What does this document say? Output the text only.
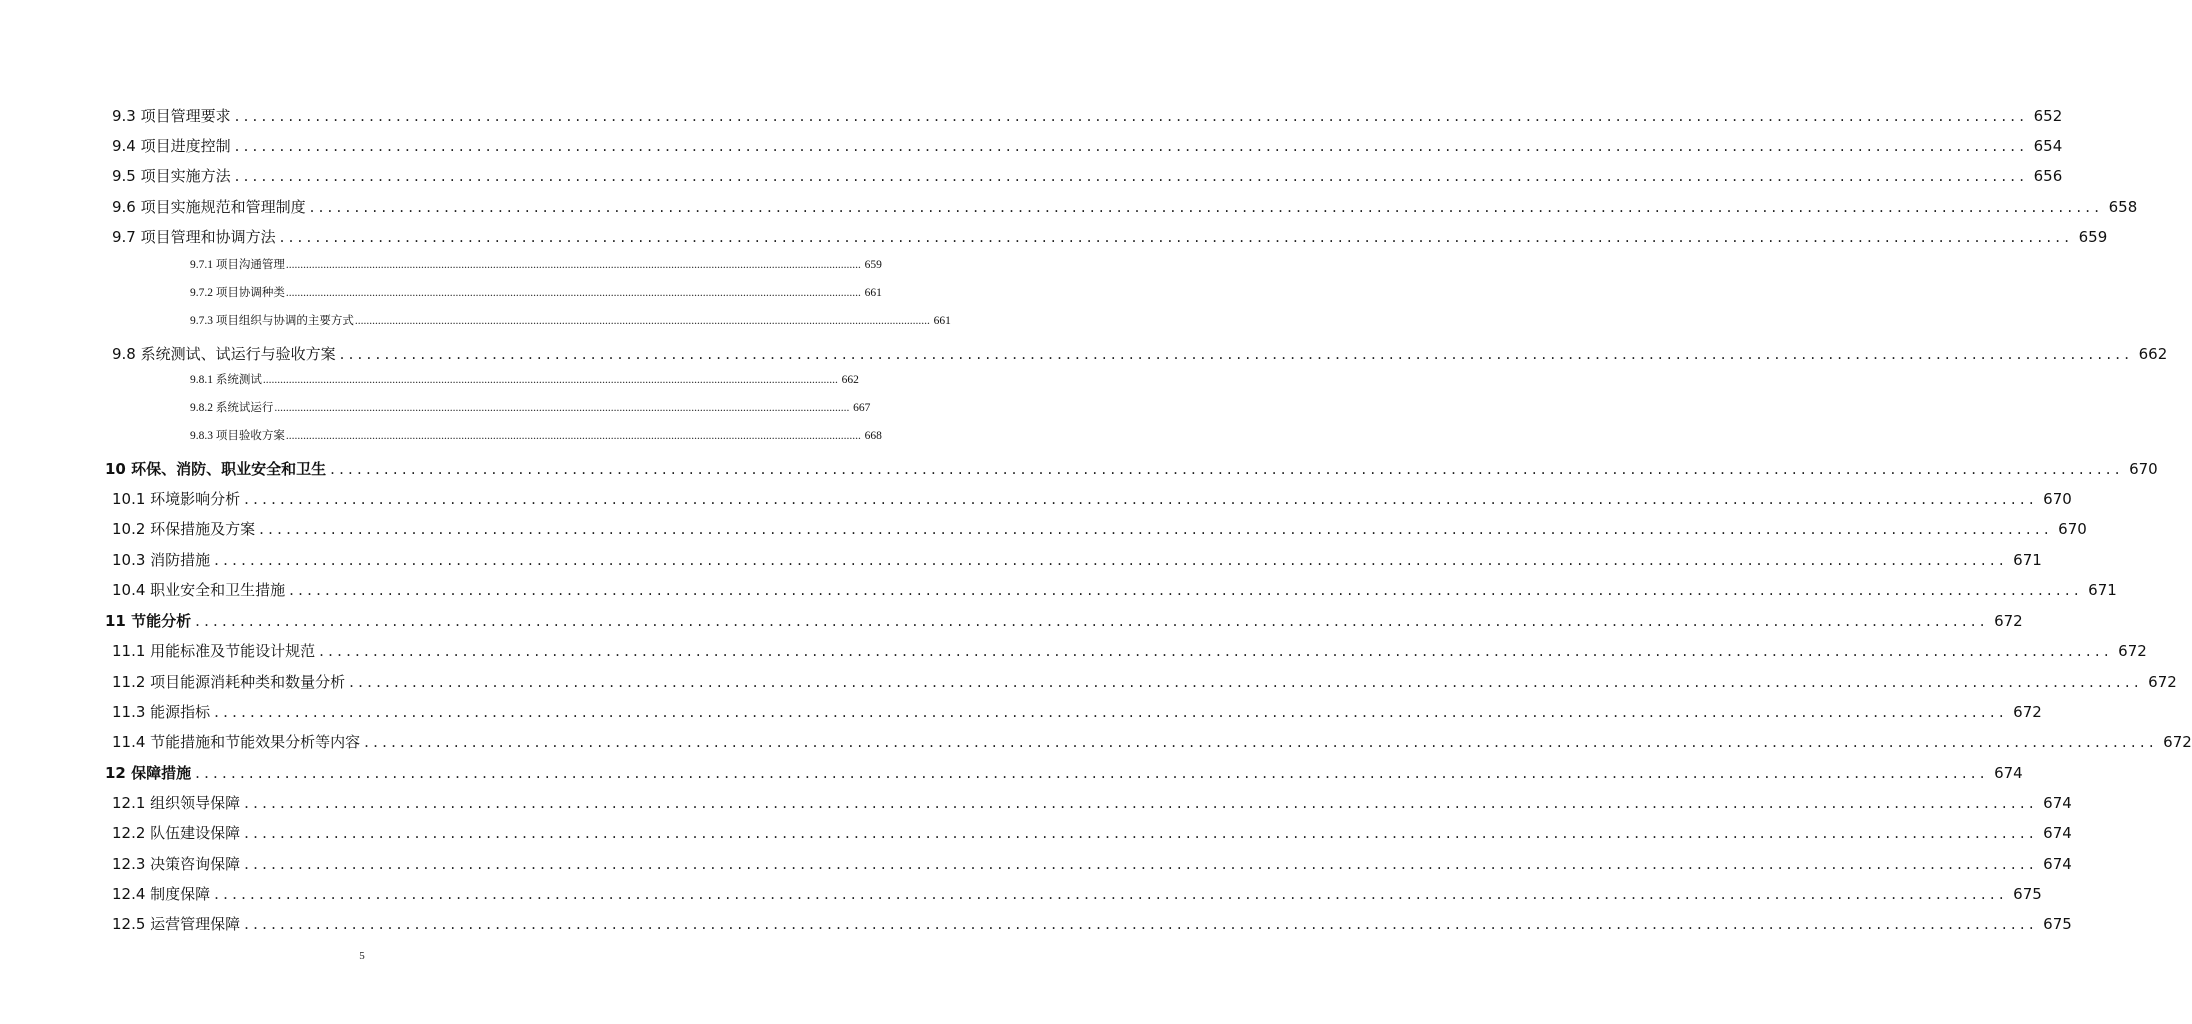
9.3 项目管理要求 ........................................................................................................................................................................................................ 652
9.4 项目进度控制 ........................................................................................................................................................................................................ 654
9.5 项目实施方法 ........................................................................................................................................................................................................ 656
9.6 项目实施规范和管理制度 ........................................................................................................................................................................................................ 658
9.7 项目管理和协调方法 ........................................................................................................................................................................................................ 659
9.7.1 项目沟通管理 ........................................................................................................................................................................................................ 659
9.7.2 项目协调种类 ........................................................................................................................................................................................................ 661
9.7.3 项目组织与协调的主要方式 ........................................................................................................................................................................................................ 661
9.8 系统测试、试运行与验收方案 ........................................................................................................................................................................................................ 662
9.8.1 系统测试 ........................................................................................................................................................................................................ 662
9.8.2 系统试运行 ........................................................................................................................................................................................................ 667
9.8.3 项目验收方案 ........................................................................................................................................................................................................ 668
10 环保、消防、职业安全和卫生 ........................................................................................................................................................................................................ 670
10.1 环境影响分析 ........................................................................................................................................................................................................ 670
10.2 环保措施及方案 ........................................................................................................................................................................................................ 670
10.3 消防措施 ........................................................................................................................................................................................................ 671
10.4 职业安全和卫生措施 ........................................................................................................................................................................................................ 671
11 节能分析 ........................................................................................................................................................................................................ 672
11.1 用能标准及节能设计规范 ........................................................................................................................................................................................................ 672
11.2 项目能源消耗种类和数量分析 ........................................................................................................................................................................................................ 672
11.3 能源指标 ........................................................................................................................................................................................................ 672
11.4 节能措施和节能效果分析等内容 ........................................................................................................................................................................................................ 672
12 保障措施 ........................................................................................................................................................................................................ 674
12.1 组织领导保障 ........................................................................................................................................................................................................ 674
12.2 队伍建设保障 ........................................................................................................................................................................................................ 674
12.3 决策咨询保障 ........................................................................................................................................................................................................ 674
12.4 制度保障 ........................................................................................................................................................................................................ 675
12.5 运营管理保障 ........................................................................................................................................................................................................ 675
5
